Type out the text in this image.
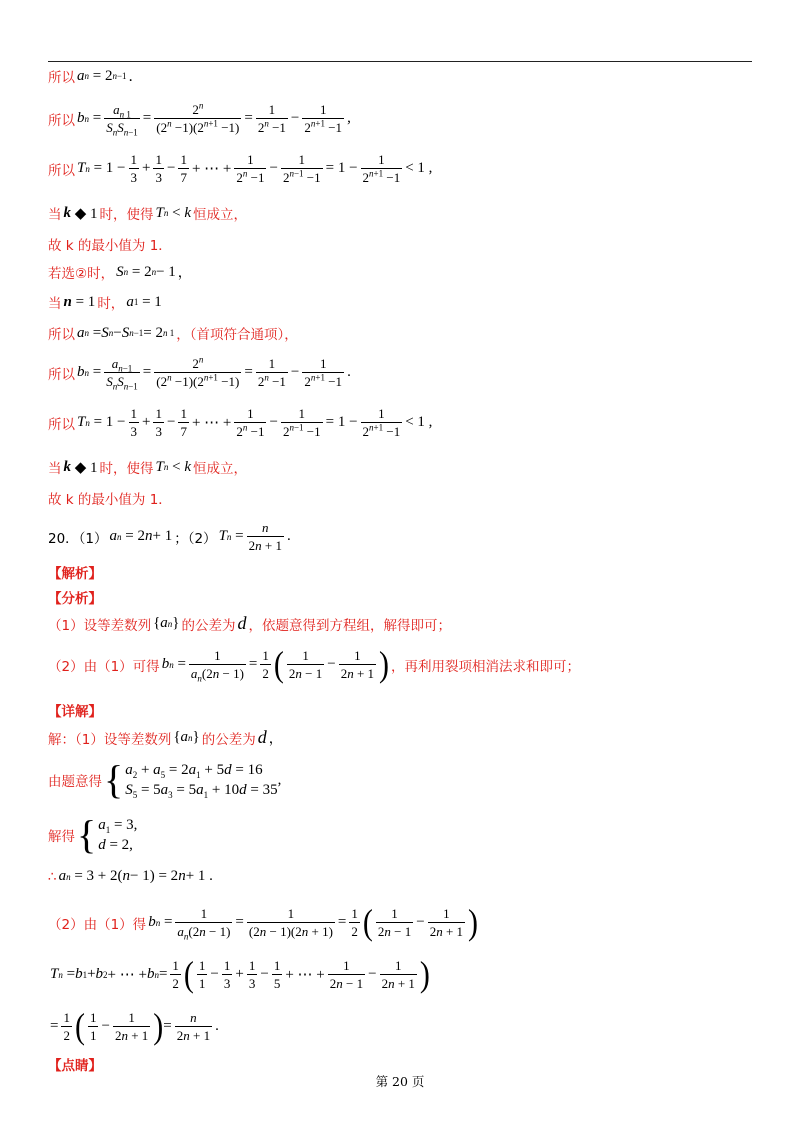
所以 a n = 2 n−1 ．
所以 b $n = \frac{a_{n 1}}{S_nS_{n-1}} = \frac{2^n}{(2^n -1)(2^{n+1} -1)} = \frac{1}{2^n -1} - \frac{1}{2^{n+1} -1}$ ,
所以 T $n = 1 - \frac{1}{3} + \frac{1}{3} - \frac{1}{7}$ + ⋯ + $\frac{1}{2^n -1} - \frac{1}{2^{n-1} -1} = 1 - \frac{1}{2^{n+1} -1} < 1$ ,
当 k ◆ 1 时，使得 T n < k 恒成立，
故 k 的最小值为 1．
若选②时， S n = 2 n − 1 ，
当 n = 1 时， a 1 = 1
所以 a n = S n − S n−1 = 2 n 1 ，（首项符合通项），
所以 b $n = \frac{a_{n-1}}{S_nS_{n-1}} = \frac{2^n}{(2^n -1)(2^{n+1} -1)} = \frac{1}{2^n -1} - \frac{1}{2^{n+1} -1}$ .
所以 T $n = 1 - \frac{1}{3} + \frac{1}{3} - \frac{1}{7}$ + ⋯ + $\frac{1}{2^n -1} - \frac{1}{2^{n-1} -1} = 1 - \frac{1}{2^{n+1} -1} < 1$ ,
当 k ◆ 1 时，使得 T n < k 恒成立，
故 k 的最小值为 1．
20．（1） a n = 2 n + 1 ；（2） T $n = \frac{n}{2n + 1}$ .
【解析】
【分析】
（1）设等差数列 { a n } 的公差为 d ，依题意得到方程组，解得即可；
（2）由（1）可得 b $n = \frac{1}{a_n(2n - 1)} = \frac{1}{2}$ ( $\frac{1}{2n - 1} - \frac{1}{2n + 1}$ ) ，再利用裂项相消法求和即可；
【详解】
解：（1）设等差数列 { a n } 的公差为 d ，
由题意得 { $a_2 + a_5 = 2a_1 + 5d = 16$
$S_5 = 5a_3 = 5a_1 + 10d = 35$
,
解得 { $a_1 = 3$,
d = 2,
∴ a n = 3 + 2( n − 1) = 2 n + 1 .
（2）由（1）得 b $n = \frac{1}{a_n(2n - 1)} = \frac{1}{(2n - 1)(2n + 1)} = \frac{1}{2}$ ( $\frac{1}{2n - 1} - \frac{1}{2n + 1}$ )
T n = b 1 + b 2 + ⋯ + b $n = \frac{1}{2}$ ( $\frac{1}{1} - \frac{1}{3} + \frac{1}{3} - \frac{1}{5}$ + ⋯ + $\frac{1}{2n - 1} - \frac{1}{2n + 1}$ )
= $\frac{1}{2}$ ( $\frac{1}{1} - \frac{1}{2n + 1}$ ) = $\frac{n}{2n + 1}$ .
【点睛】
第 20 页
